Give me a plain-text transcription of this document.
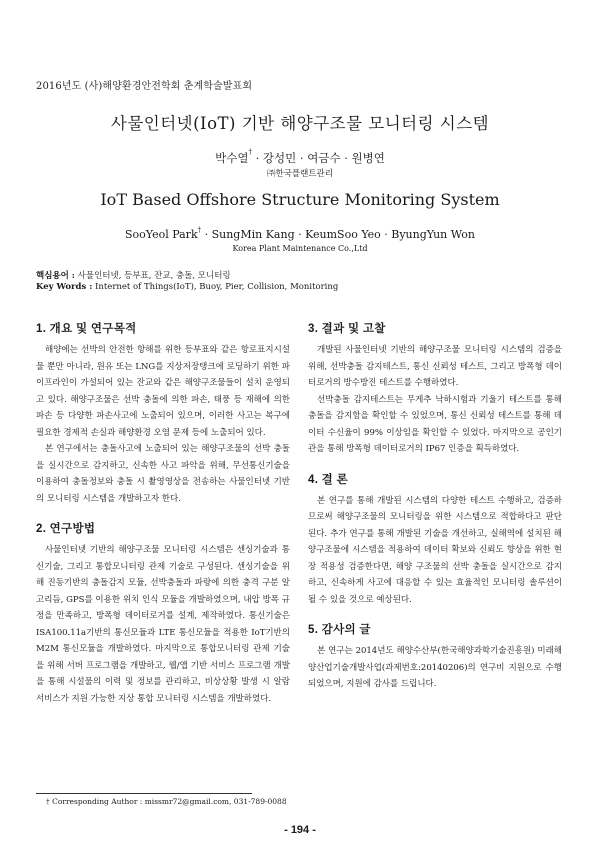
2016년도 (사)해양환경안전학회 춘계학술발표회
사물인터넷(IoT) 기반 해양구조물 모니터링 시스템
박수열† · 강성민 · 여금수 · 원병연
㈜한국플랜트관리
IoT Based Offshore Structure Monitoring System
SooYeol Park† · SungMin Kang · KeumSoo Yeo · ByungYun Won
Korea Plant Maintenance Co.,Ltd
핵심용어 : 사물인터넷, 등부표, 잔교, 충돌, 모니터링
Key Words : Internet of Things(IoT), Buoy, Pier, Collision, Monitoring
1. 개요 및 연구목적

해양에는 선박의 안전한 항해를 위한 등부표와 같은 항로표지시설물 뿐만 아니라, 원유 또는 LNG를 지상저장탱크에 로딩하기 위한 파이프라인이 가설되어 있는 잔교와 같은 해양구조물들이 설치 운영되고 있다. 해양구조물은 선박 충돌에 의한 파손, 태풍 등 재해에 의한 파손 등 다양한 파손사고에 노출되어 있으며, 이러한 사고는 복구에 필요한 경제적 손실과 해양환경 오염 문제 등에 노출되어 있다.

본 연구에서는 충돌사고에 노출되어 있는 해양구조물의 선박 충돌을 실시간으로 감지하고, 신속한 사고 파악을 위해, 무선통신기술을 이용하여 충돌정보와 충돌 시 촬영영상을 전송하는 사물인터넷 기반의 모니터링 시스템을 개발하고자 한다.

2. 연구방법

사물인터넷 기반의 해양구조물 모니터링 시스템은 센싱기술과 통신기술, 그리고 통합모니터링 관제 기술로 구성된다. 센싱기술을 위해 진동기반의 충돌감지 모듈, 선박충돌과 파랑에 의한 충격 구분 알고리듬, GPS를 이용한 위치 인식 모듈을 개발하였으며, 내압 방폭 규정을 만족하고, 방폭형 데이터로거를 설계, 제작하였다. 통신기술은 ISA100.11a기반의 통신모듈과 LTE 통신모듈을 적용한 IoT기반의 M2M 통신모듈을 개발하였다. 마지막으로 통합모니터링 관제 기술을 위해 서버 프로그램을 개발하고, 웹/앱 기반 서비스 프로그램 개발을 통해 시설물의 이력 및 정보를 관리하고, 비상상황 발생 시 알람 서비스가 지원 가능한 지상 통합 모니터링 시스템을 개발하였다.

3. 결과 및 고찰

개발된 사물인터넷 기반의 해양구조물 모니터링 시스템의 검증을 위해, 선박충돌 감지테스트, 통신 신뢰성 테스트, 그리고 방폭형 데이터로거의 방수방진 테스트를 수행하였다.

선박충돌 감지테스트는 무게추 낙하시험과 기울기 테스트를 통해 충돌을 감지함을 확인할 수 있었으며, 통신 신뢰성 테스트를 통해 데이터 수신율이 99% 이상임을 확인할 수 있었다. 마지막으로 공인기관을 통해 방폭형 데이터로거의 IP67 인증을 획득하였다.

4. 결 론

본 연구를 통해 개발된 시스템의 다양한 테스트 수행하고, 검증하므로써 해양구조물의 모니터링을 위한 시스템으로 적합하다고 판단된다. 추가 연구를 통해 개발된 기술을 개선하고, 실해역에 설치된 해양구조물에 시스템을 적용하여 데이터 확보와 신뢰도 향상을 위한 현장 적용성 검증한다면, 해양 구조물의 선박 충돌을 실시간으로 감지하고, 신속하게 사고에 대응할 수 있는 효율적인 모니터링 솔루션이 될 수 있을 것으로 예상된다.

5. 감사의 글

본 연구는 2014년도 해양수산부(한국해양과학기술진흥원) 미래해양산업기술개발사업(과제번호:20140206)의 연구비 지원으로 수행되었으며, 지원에 감사를 드립니다.

† Corresponding Author : missmr72@gmail.com, 031-789-0088
- 194 -
